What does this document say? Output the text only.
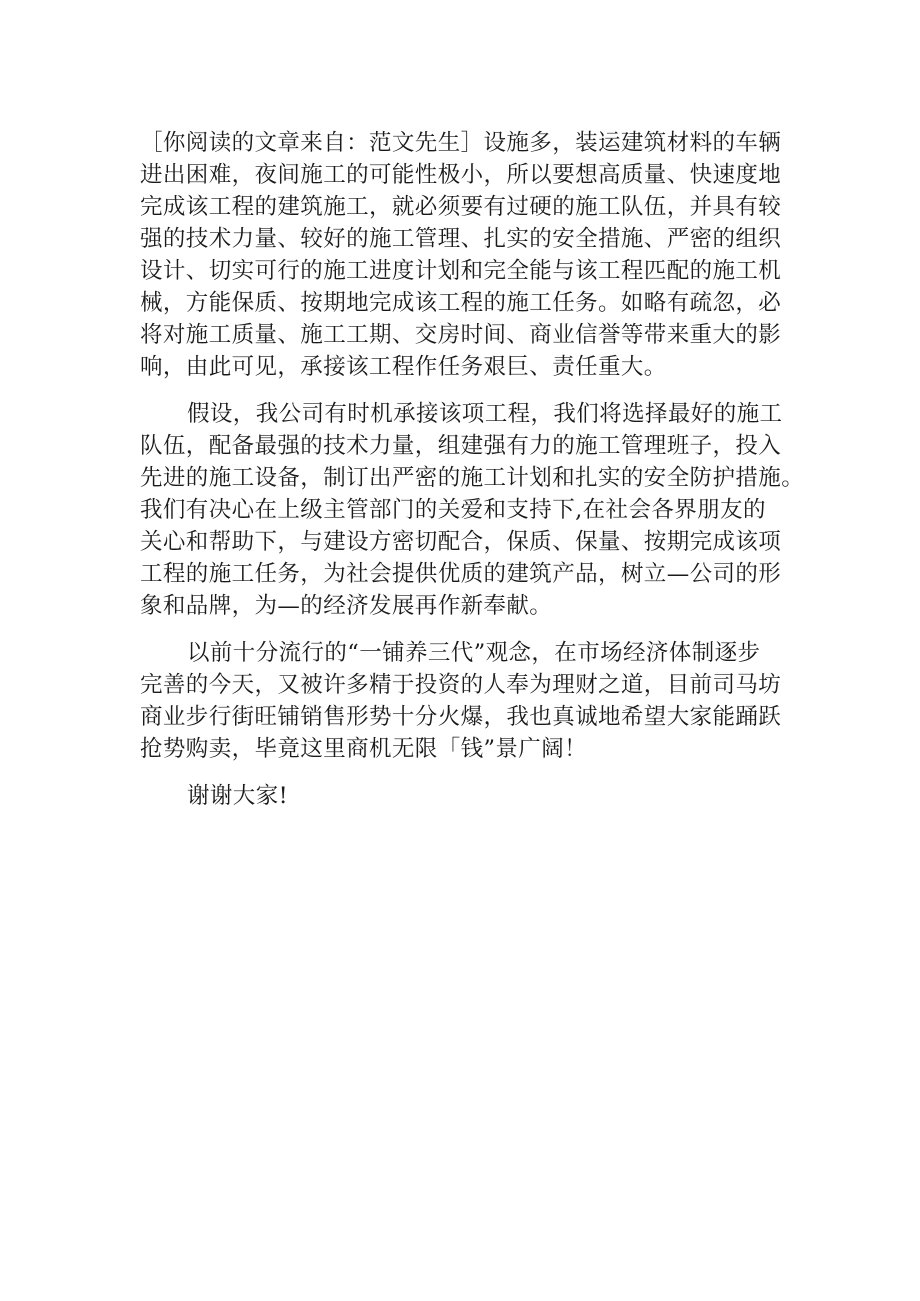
［你阅读的文章来自：范文先生］设施多，装运建筑材料的车辆
进出困难，夜间施工的可能性极小，所以要想高质量、快速度地
完成该工程的建筑施工，就必须要有过硬的施工队伍，并具有较
强的技术力量、较好的施工管理、扎实的安全措施、严密的组织
设计、切实可行的施工进度计划和完全能与该工程匹配的施工机
械，方能保质、按期地完成该工程的施工任务。如略有疏忽，必
将对施工质量、施工工期、交房时间、商业信誉等带来重大的影
响，由此可见，承接该工程作任务艰巨、责任重大。
假设，我公司有时机承接该项工程，我们将选择最好的施工
队伍，配备最强的技术力量，组建强有力的施工管理班子，投入
先进的施工设备，制订出严密的施工计划和扎实的安全防护措施。
我们有决心在上级主管部门的关爱和支持下,在社会各界朋友的
关心和帮助下，与建设方密切配合，保质、保量、按期完成该项
工程的施工任务，为社会提供优质的建筑产品，树立—公司的形
象和品牌，为—的经济发展再作新奉献。
以前十分流行的“一铺养三代”观念，在市场经济体制逐步
完善的今天，又被许多精于投资的人奉为理财之道，目前司马坊
商业步行街旺铺销售形势十分火爆，我也真诚地希望大家能踊跃
抢势购卖，毕竟这里商机无限「钱”景广阔！
谢谢大家!
